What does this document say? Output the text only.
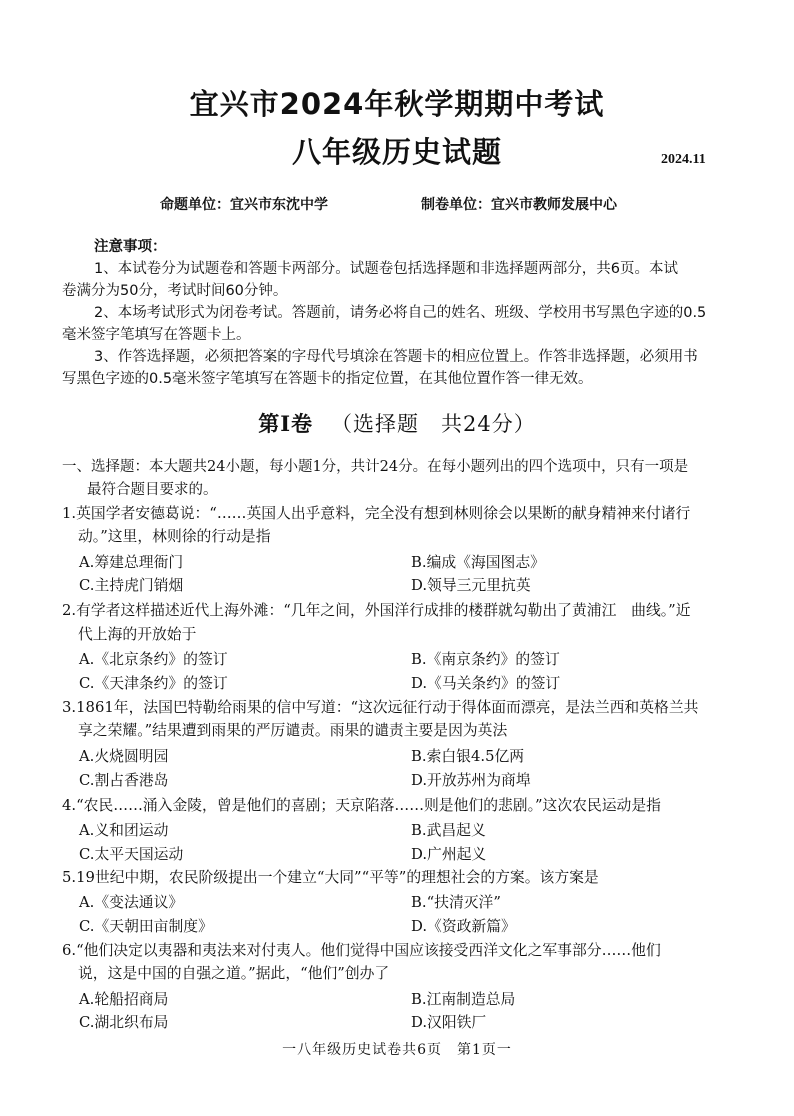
宜兴市2024年秋学期期中考试
八年级历史试题	2024.11
命题单位：宜兴市东沈中学	制卷单位：宜兴市教师发展中心
注意事项：
1、本试卷分为试题卷和答题卡两部分。试题卷包括选择题和非选择题两部分，共6页。本试
卷满分为50分，考试时间60分钟。
2、本场考试形式为闭卷考试。答题前，请务必将自己的姓名、班级、学校用书写黑色字迹的0.5
毫米签字笔填写在答题卡上。
3、作答选择题，必须把答案的字母代号填涂在答题卡的相应位置上。作答非选择题，必须用书
写黑色字迹的0.5毫米签字笔填写在答题卡的指定位置，在其他位置作答一律无效。
第Ⅰ卷 （选择题　共24分）
一、选择题：本大题共24小题，每小题1分，共计24分。在每小题列出的四个选项中，只有一项是
最符合题目要求的。
1.英国学者安德葛说：“……英国人出乎意料，完全没有想到林则徐会以果断的献身精神来付诸行
动。”这里，林则徐的行动是指
A.筹建总理衙门	B.编成《海国图志》
C.主持虎门销烟	D.领导三元里抗英
2.有学者这样描述近代上海外滩：“几年之间，外国洋行成排的楼群就勾勒出了黄浦江　曲线。”近
代上海的开放始于
A.《北京条约》的签订	B.《南京条约》的签订
C.《天津条约》的签订	D.《马关条约》的签订
3.1861年，法国巴特勒给雨果的信中写道：“这次远征行动于得体面而漂亮，是法兰西和英格兰共
享之荣耀。”结果遭到雨果的严厉谴责。雨果的谴责主要是因为英法
A.火烧圆明园	B.索白银4.5亿两
C.割占香港岛	D.开放苏州为商埠
4.“农民……涌入金陵，曾是他们的喜剧；天京陷落……则是他们的悲剧。”这次农民运动是指
A.义和团运动	B.武昌起义
C.太平天国运动	D.广州起义
5.19世纪中期，农民阶级提出一个建立“大同”“平等”的理想社会的方案。该方案是
A.《变法通议》	B.“扶清灭洋”
C.《天朝田亩制度》	D.《资政新篇》
6.“他们决定以夷器和夷法来对付夷人。他们觉得中国应该接受西洋文化之军事部分……他们
说，这是中国的自强之道。”据此，“他们”创办了
A.轮船招商局	B.江南制造总局
C.湖北织布局	D.汉阳铁厂
一八年级历史试卷共6页　第1页一
